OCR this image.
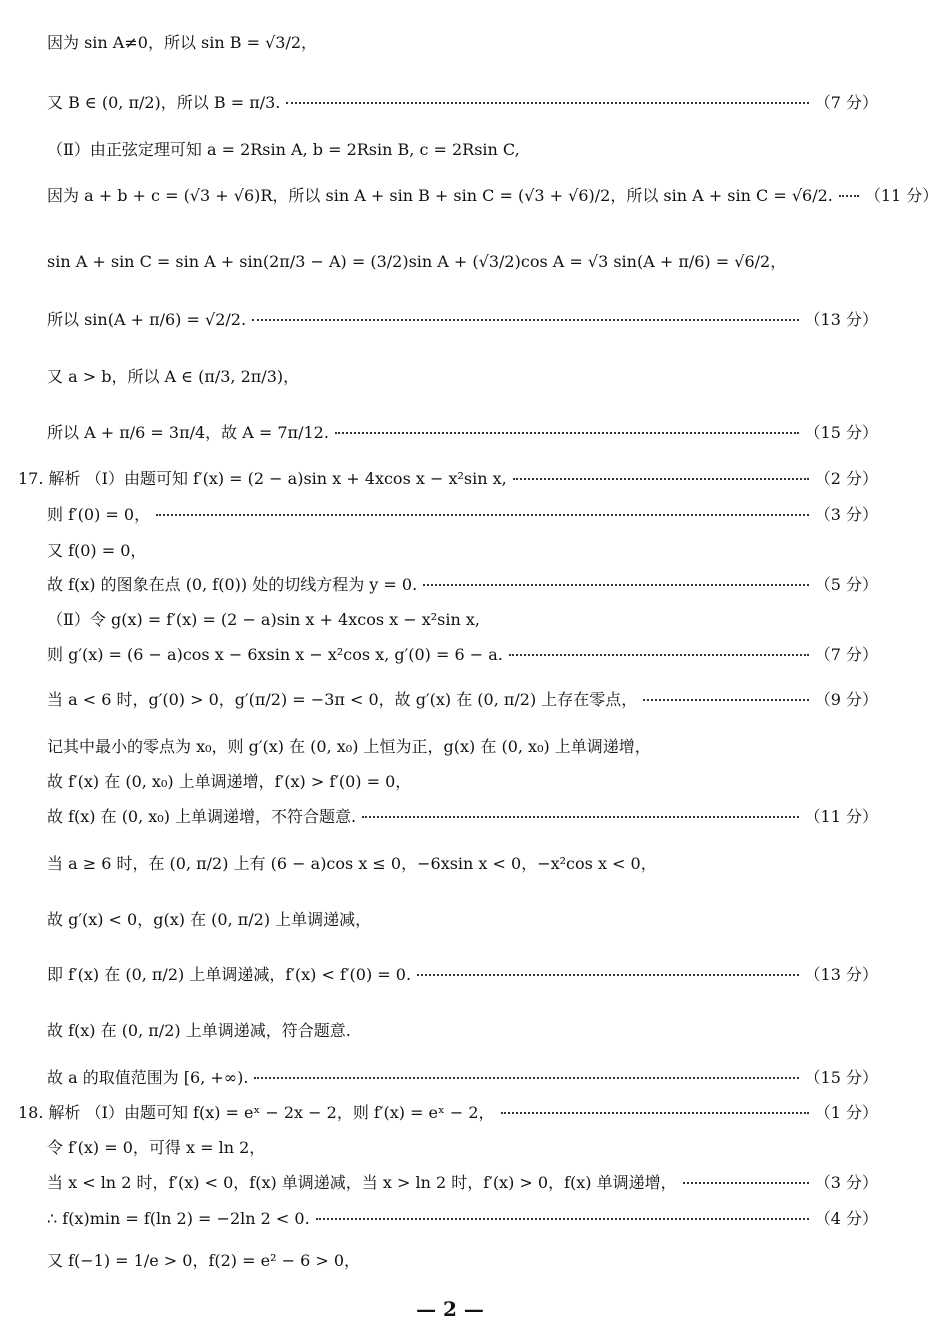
因为 sin A≠0，所以 sin B = √3/2，
又 B ∈ (0, π/2)，所以 B = π/3.	（7 分）
（Ⅱ）由正弦定理可知 a = 2Rsin A, b = 2Rsin B, c = 2Rsin C,
因为 a + b + c = (√3 + √6)R，所以 sin A + sin B + sin C = (√3 + √6)/2，所以 sin A + sin C = √6/2. （11 分）
sin A + sin C = sin A + sin(2π/3 − A) = (3/2)sin A + (√3/2)cos A = √3 sin(A + π/6) = √6/2，
所以 sin(A + π/6) = √2/2.	（13 分）
又 a > b，所以 A ∈ (π/3, 2π/3)，
所以 A + π/6 = 3π/4，故 A = 7π/12.	（15 分）
17. 解析 （Ⅰ）由题可知 f′(x) = (2 − a)sin x + 4xcos x − x²sin x,	（2 分）
则 f′(0) = 0，	（3 分）
又 f(0) = 0，
故 f(x) 的图象在点 (0, f(0)) 处的切线方程为 y = 0.	（5 分）
（Ⅱ）令 g(x) = f′(x) = (2 − a)sin x + 4xcos x − x²sin x,
则 g′(x) = (6 − a)cos x − 6xsin x − x²cos x, g′(0) = 6 − a.	（7 分）
当 a < 6 时，g′(0) > 0，g′(π/2) = −3π < 0，故 g′(x) 在 (0, π/2) 上存在零点，	（9 分）
记其中最小的零点为 x₀，则 g′(x) 在 (0, x₀) 上恒为正，g(x) 在 (0, x₀) 上单调递增，
故 f′(x) 在 (0, x₀) 上单调递增，f′(x) > f′(0) = 0，
故 f(x) 在 (0, x₀) 上单调递增，不符合题意.	（11 分）
当 a ≥ 6 时，在 (0, π/2) 上有 (6 − a)cos x ≤ 0，−6xsin x < 0，−x²cos x < 0，
故 g′(x) < 0，g(x) 在 (0, π/2) 上单调递减，
即 f′(x) 在 (0, π/2) 上单调递减，f′(x) < f′(0) = 0.	（13 分）
故 f(x) 在 (0, π/2) 上单调递减，符合题意.
故 a 的取值范围为 [6, +∞).	（15 分）
18. 解析 （Ⅰ）由题可知 f(x) = eˣ − 2x − 2，则 f′(x) = eˣ − 2，	（1 分）
令 f′(x) = 0，可得 x = ln 2，
当 x < ln 2 时，f′(x) < 0，f(x) 单调递减，当 x > ln 2 时，f′(x) > 0，f(x) 单调递增，	（3 分）
∴ f(x)min = f(ln 2) = −2ln 2 < 0.	（4 分）
又 f(−1) = 1/e > 0，f(2) = e² − 6 > 0，
— 2 —
